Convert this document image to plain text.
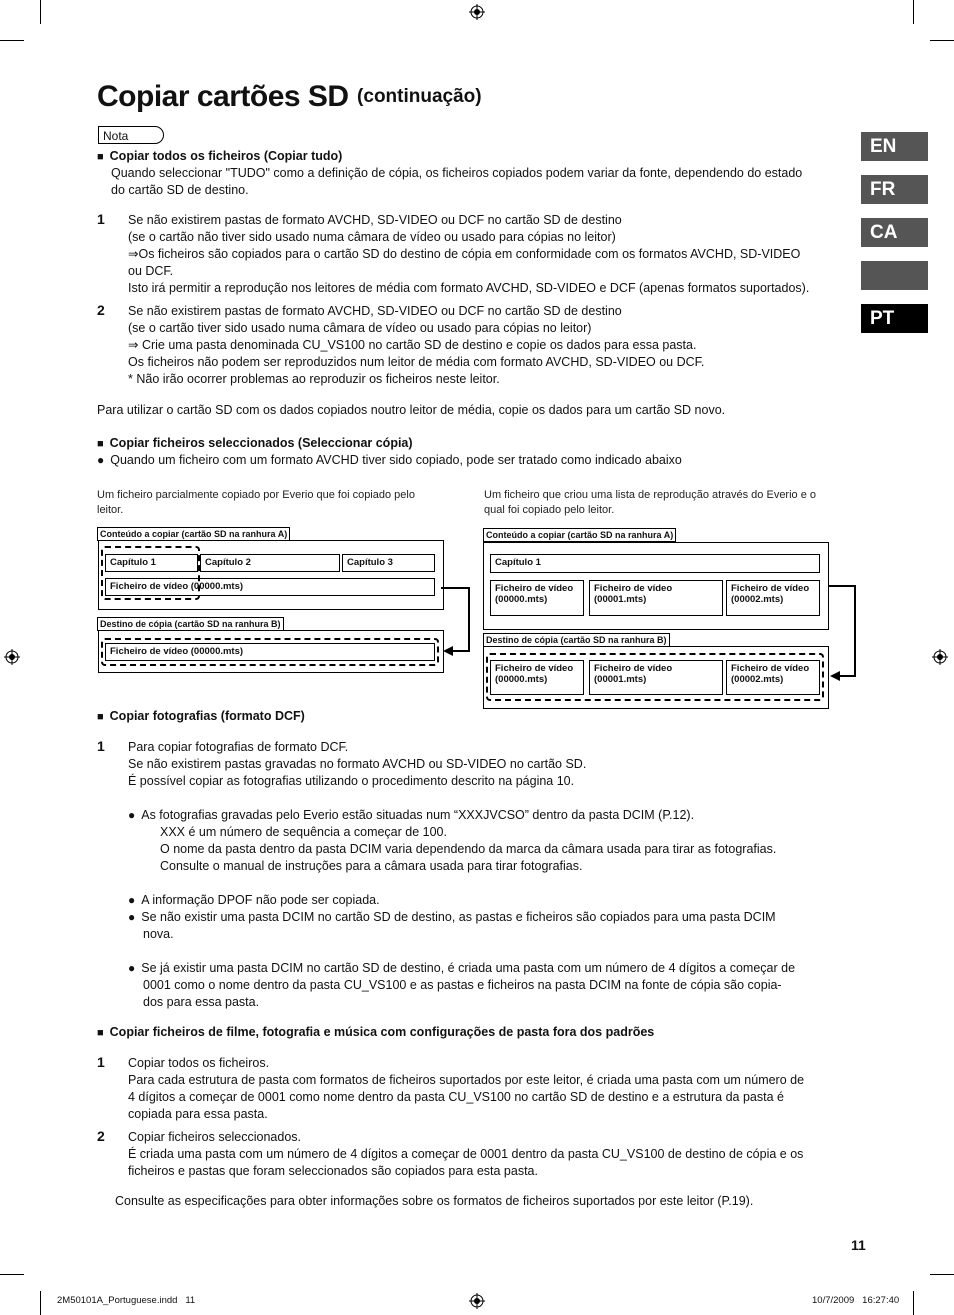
Copiar cartões SD (continuação)
Nota	EN
FR
CA
PT
■ Copiar todos os ficheiros (Copiar tudo)
Quando seleccionar "TUDO" como a definição de cópia, os ficheiros copiados podem variar da fonte, dependendo do estado
do cartão SD de destino.
1 Se não existirem pastas de formato AVCHD, SD-VIDEO ou DCF no cartão SD de destino
(se o cartão não tiver sido usado numa câmara de vídeo ou usado para cópias no leitor)
⇒Os ficheiros são copiados para o cartão SD do destino de cópia em conformidade com os formatos AVCHD, SD-VIDEO
ou DCF.
Isto irá permitir a reprodução nos leitores de média com formato AVCHD, SD-VIDEO e DCF (apenas formatos suportados).
2 Se não existirem pastas de formato AVCHD, SD-VIDEO ou DCF no cartão SD de destino
(se o cartão tiver sido usado numa câmara de vídeo ou usado para cópias no leitor)
⇒ Crie uma pasta denominada CU_VS100 no cartão SD de destino e copie os dados para essa pasta.
Os ficheiros não podem ser reproduzidos num leitor de média com formato AVCHD, SD-VIDEO ou DCF.
* Não irão ocorrer problemas ao reproduzir os ficheiros neste leitor.
Para utilizar o cartão SD com os dados copiados noutro leitor de média, copie os dados para um cartão SD novo.
■ Copiar ficheiros seleccionados (Seleccionar cópia)
● Quando um ficheiro com um formato AVCHD tiver sido copiado, pode ser tratado como indicado abaixo
Um ficheiro parcialmente copiado por Everio que foi copiado pelo
leitor.
Um ficheiro que criou uma lista de reprodução através do Everio e o
qual foi copiado pelo leitor.
Conteúdo a copiar (cartão SD na ranhura A)
Capítulo 1	Capítulo 2	Capítulo 3
Ficheiro de vídeo (00000.mts)
Destino de cópia (cartão SD na ranhura B)
Ficheiro de vídeo (00000.mts)
Conteúdo a copiar (cartão SD na ranhura A)
Capítulo 1
Ficheiro de vídeo
(00000.mts)
Ficheiro de vídeo
(00001.mts)
Ficheiro de vídeo
(00002.mts)
Destino de cópia (cartão SD na ranhura B)
Ficheiro de vídeo
(00000.mts)
Ficheiro de vídeo
(00001.mts)
Ficheiro de vídeo
(00002.mts)
■ Copiar fotografias (formato DCF)
1 Para copiar fotografias de formato DCF.
Se não existirem pastas gravadas no formato AVCHD ou SD-VIDEO no cartão SD.
É possível copiar as fotografias utilizando o procedimento descrito na página 10.
● As fotografias gravadas pelo Everio estão situadas num “XXXJVCSO” dentro da pasta DCIM (P.12).
XXX é um número de sequência a começar de 100.
O nome da pasta dentro da pasta DCIM varia dependendo da marca da câmara usada para tirar as fotografias.
Consulte o manual de instruções para a câmara usada para tirar fotografias.
● A informação DPOF não pode ser copiada.
● Se não existir uma pasta DCIM no cartão SD de destino, as pastas e ficheiros são copiados para uma pasta DCIM
nova.
● Se já existir uma pasta DCIM no cartão SD de destino, é criada uma pasta com um número de 4 dígitos a começar de
0001 como o nome dentro da pasta CU_VS100 e as pastas e ficheiros na pasta DCIM na fonte de cópia são copia-
dos para essa pasta.
■ Copiar ficheiros de filme, fotografia e música com configurações de pasta fora dos padrões
1 Copiar todos os ficheiros.
Para cada estrutura de pasta com formatos de ficheiros suportados por este leitor, é criada uma pasta com um número de
4 dígitos a começar de 0001 como nome dentro da pasta CU_VS100 no cartão SD de destino e a estrutura da pasta é
copiada para essa pasta.
2 Copiar ficheiros seleccionados.
É criada uma pasta com um número de 4 dígitos a começar de 0001 dentro da pasta CU_VS100 de destino de cópia e os
ficheiros e pastas que foram seleccionados são copiados para esta pasta.
Consulte as especificações para obter informações sobre os formatos de ficheiros suportados por este leitor (P.19).
11
2M50101A_Portuguese.indd   11	10/7/2009   16:27:40
